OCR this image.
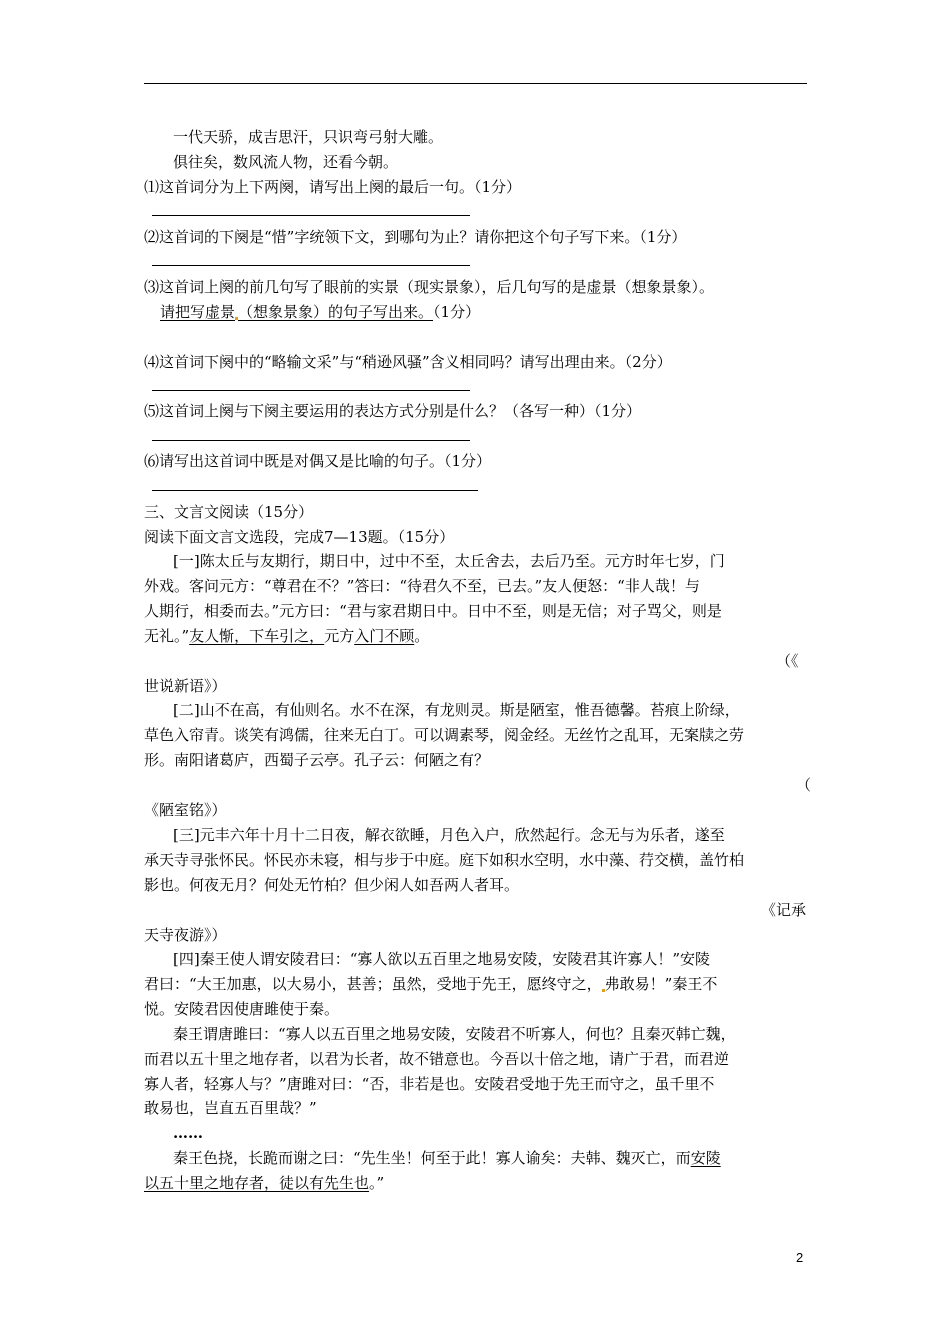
一代天骄，成吉思汗，只识弯弓射大雕。
俱往矣，数风流人物，还看今朝。
⑴这首词分为上下两阕，请写出上阕的最后一句。（1分）
⑵这首词的下阕是“惜”字统领下文，到哪句为止？请你把这个句子写下来。（1分）
⑶这首词上阕的前几句写了眼前的实景（现实景象），后几句写的是虚景（想象景象）。
请把写虚景 （想象景象）的句子写出来。（1分）
⑷这首词下阕中的“略输文采”与“稍逊风骚”含义相同吗？请写出理由来。（2分）
⑸这首词上阕与下阕主要运用的表达方式分别是什么？（各写一种）（1分）
⑹请写出这首词中既是对偶又是比喻的句子。（1分）
三、文言文阅读（15分）
阅读下面文言文选段，完成7—13题。（15分）
[一]陈太丘与友期行，期日中，过中不至，太丘舍去，去后乃至。元方时年七岁，门
外戏。客问元方：“尊君在不？”答曰：“待君久不至，已去。”友人便怒：“非人哉！与
人期行，相委而去。”元方曰：“君与家君期日中。日中不至，则是无信；对子骂父，则是
无礼。”友人惭，下车引之，元方入门不顾。
（《
世说新语》）
[二]山不在高，有仙则名。水不在深，有龙则灵。斯是陋室，惟吾德馨。苔痕上阶绿，
草色入帘青。谈笑有鸿儒，往来无白丁。可以调素琴，阅金经。无丝竹之乱耳，无案牍之劳
形。南阳诸葛庐，西蜀子云亭。孔子云：何陋之有？
（
《陋室铭》）
[三]元丰六年十月十二日夜，解衣欲睡，月色入户，欣然起行。念无与为乐者，遂至
承天寺寻张怀民。怀民亦未寝，相与步于中庭。庭下如积水空明，水中藻、荇交横，盖竹柏
影也。何夜无月？何处无竹柏？但少闲人如吾两人者耳。
《记承
天寺夜游》）
[四]秦王使人谓安陵君曰：“寡人欲以五百里之地易安陵，安陵君其许寡人！”安陵
君曰：“大王加惠，以大易小，甚善；虽然，受地于先王，愿终守之， 弗敢易！”秦王不
悦。安陵君因使唐雎使于秦。
秦王谓唐雎曰：“寡人以五百里之地易安陵，安陵君不听寡人，何也？且秦灭韩亡魏，
而君以五十里之地存者，以君为长者，故不错意也。今吾以十倍之地，请广于君，而君逆
寡人者，轻寡人与？”唐雎对曰：“否，非若是也。安陵君受地于先王而守之，虽千里不
敢易也，岂直五百里哉？”
……
秦王色挠，长跪而谢之曰：“先生坐！何至于此！寡人谕矣：夫韩、魏灭亡，而安陵
以五十里之地存者，徒以有先生也。”
2
